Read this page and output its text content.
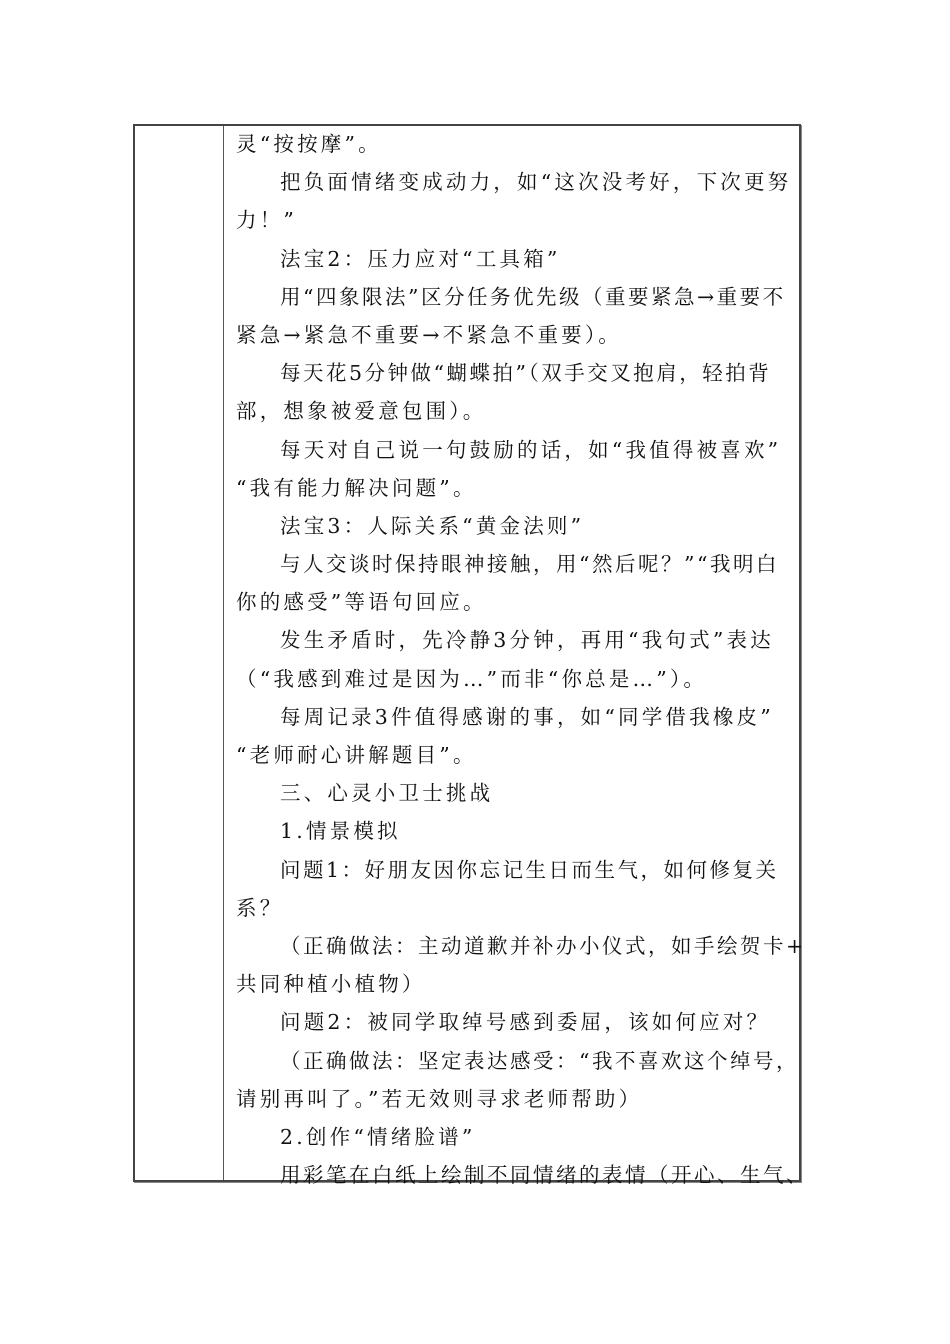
灵“按按摩”。

把负面情绪变成动力，如“这次没考好，下次更努

力！”

法宝2：压力应对“工具箱”

用“四象限法”区分任务优先级（重要紧急→重要不

紧急→紧急不重要→不紧急不重要）。

每天花5分钟做“蝴蝶拍”（双手交叉抱肩，轻拍背

部，想象被爱意包围）。

每天对自己说一句鼓励的话，如“我值得被喜欢”

“我有能力解决问题”。

法宝3：人际关系“黄金法则”

与人交谈时保持眼神接触，用“然后呢？”“我明白

你的感受”等语句回应。

发生矛盾时，先冷静3分钟，再用“我句式”表达

（“我感到难过是因为…”而非“你总是…”）。

每周记录3件值得感谢的事，如“同学借我橡皮”

“老师耐心讲解题目”。

三、心灵小卫士挑战

1.情景模拟

问题1：好朋友因你忘记生日而生气，如何修复关

系？

（正确做法：主动道歉并补办小仪式，如手绘贺卡+

共同种植小植物）

问题2：被同学取绰号感到委屈，该如何应对？

（正确做法：坚定表达感受：“我不喜欢这个绰号，

请别再叫了。”若无效则寻求老师帮助）

2.创作“情绪脸谱”

用彩笔在白纸上绘制不同情绪的表情（开心、生气、
